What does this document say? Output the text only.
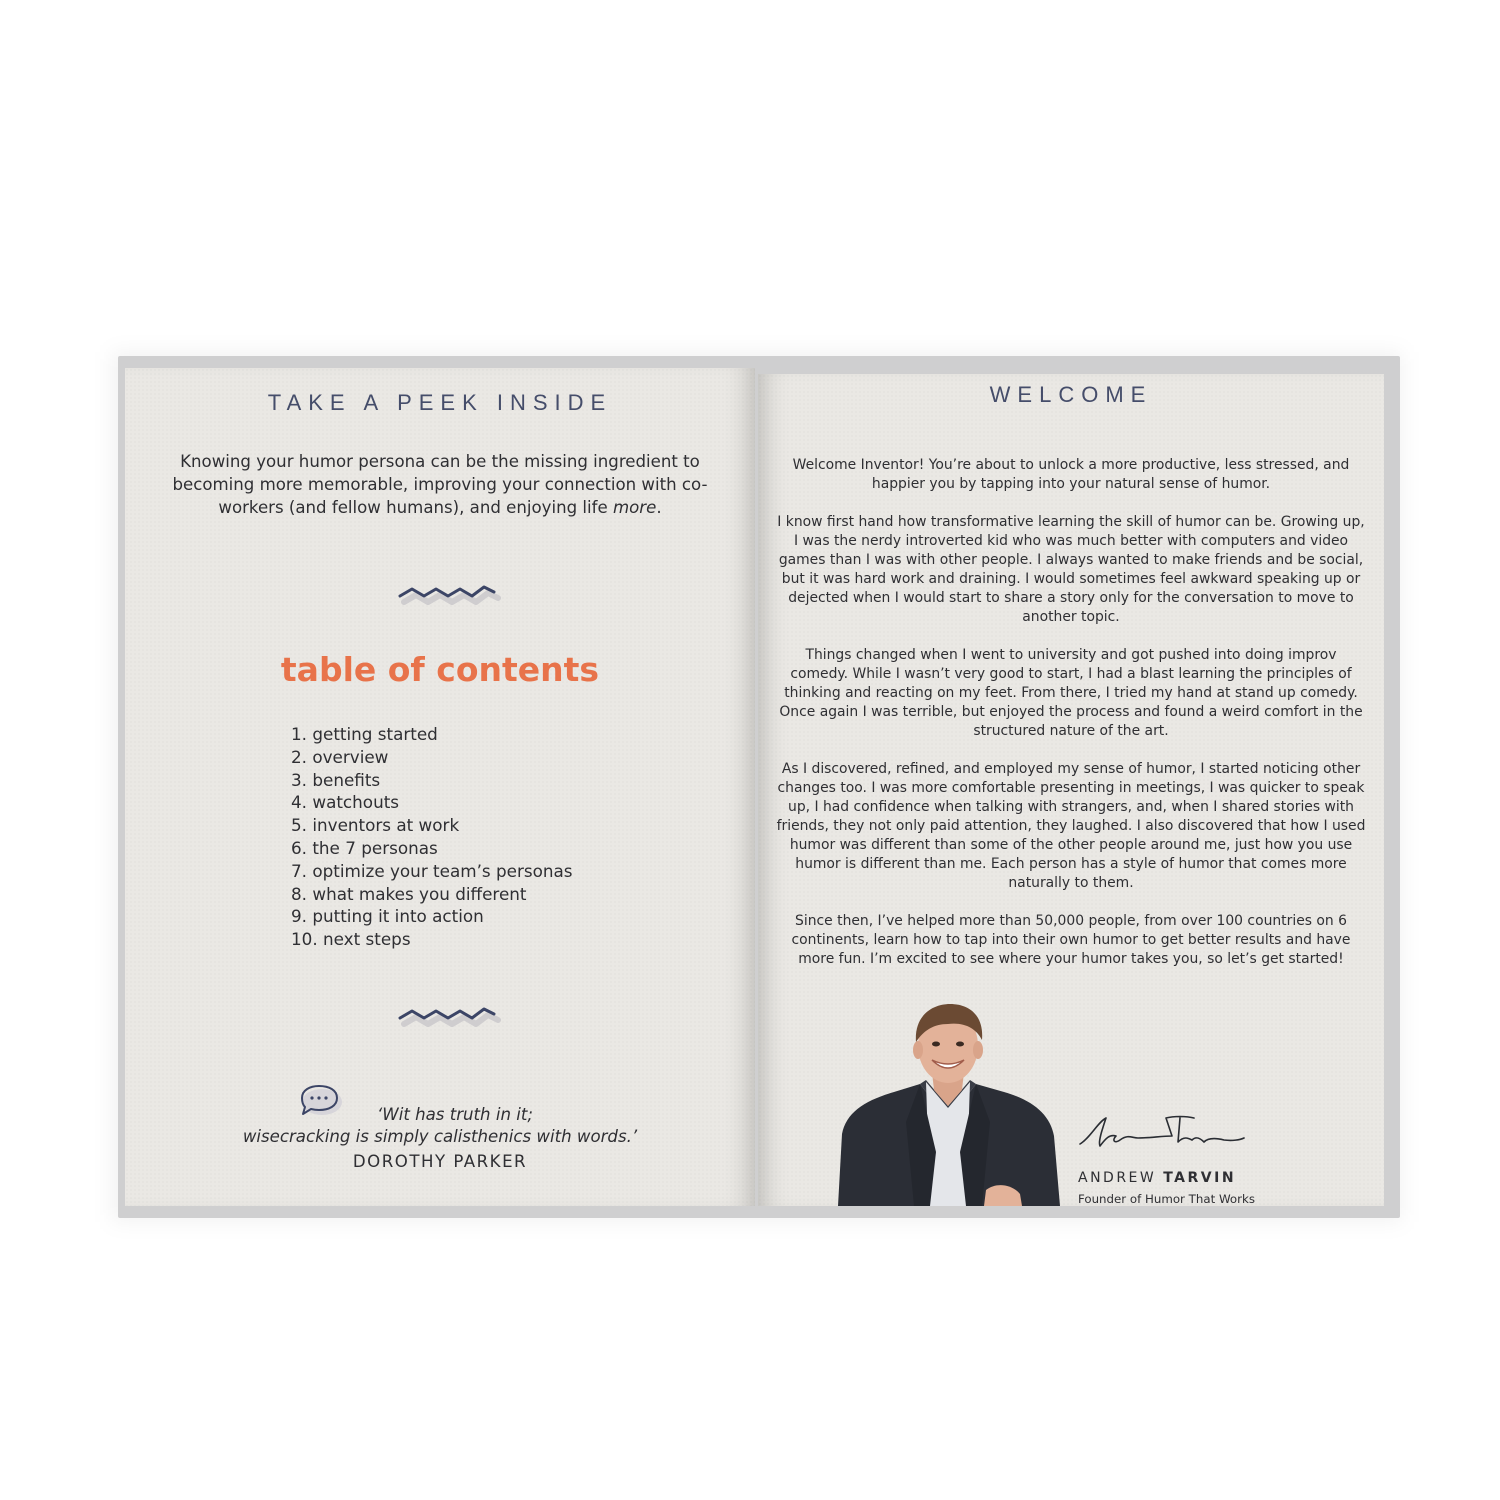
TAKE A PEEK INSIDE
Knowing your humor persona can be the missing ingredient to becoming more memorable, improving your connection with co-workers (and fellow humans), and enjoying life more.
table of contents
1. getting started
2. overview
3. benefits
4. watchouts
5. inventors at work
6. the 7 personas
7. optimize your team’s personas
8. what makes you different
9. putting it into action
10. next steps
‘Wit has truth in it;
wisecracking is simply calisthenics with words.’
DOROTHY PARKER
WELCOME

Welcome Inventor! You’re about to unlock a more productive, less stressed, and happier you by tapping into your natural sense of humor.

I know first hand how transformative learning the skill of humor can be. Growing up, I was the nerdy introverted kid who was much better with computers and video games than I was with other people. I always wanted to make friends and be social, but it was hard work and draining. I would sometimes feel awkward speaking up or dejected when I would start to share a story only for the conversation to move to another topic.

Things changed when I went to university and got pushed into doing improv comedy. While I wasn’t very good to start, I had a blast learning the principles of thinking and reacting on my feet. From there, I tried my hand at stand up comedy. Once again I was terrible, but enjoyed the process and found a weird comfort in the structured nature of the art.

As I discovered, refined, and employed my sense of humor, I started noticing other changes too. I was more comfortable presenting in meetings, I was quicker to speak up, I had confidence when talking with strangers, and, when I shared stories with friends, they not only paid attention, they laughed. I also discovered that how I used humor was different than some of the other people around me, just how you use humor is different than me. Each person has a style of humor that comes more naturally to them.

Since then, I’ve helped more than 50,000 people, from over 100 countries on 6 continents, learn how to tap into their own humor to get better results and have more fun. I’m excited to see where your humor takes you, so let’s get started!

ANDREW TARVIN
Founder of Humor That Works
